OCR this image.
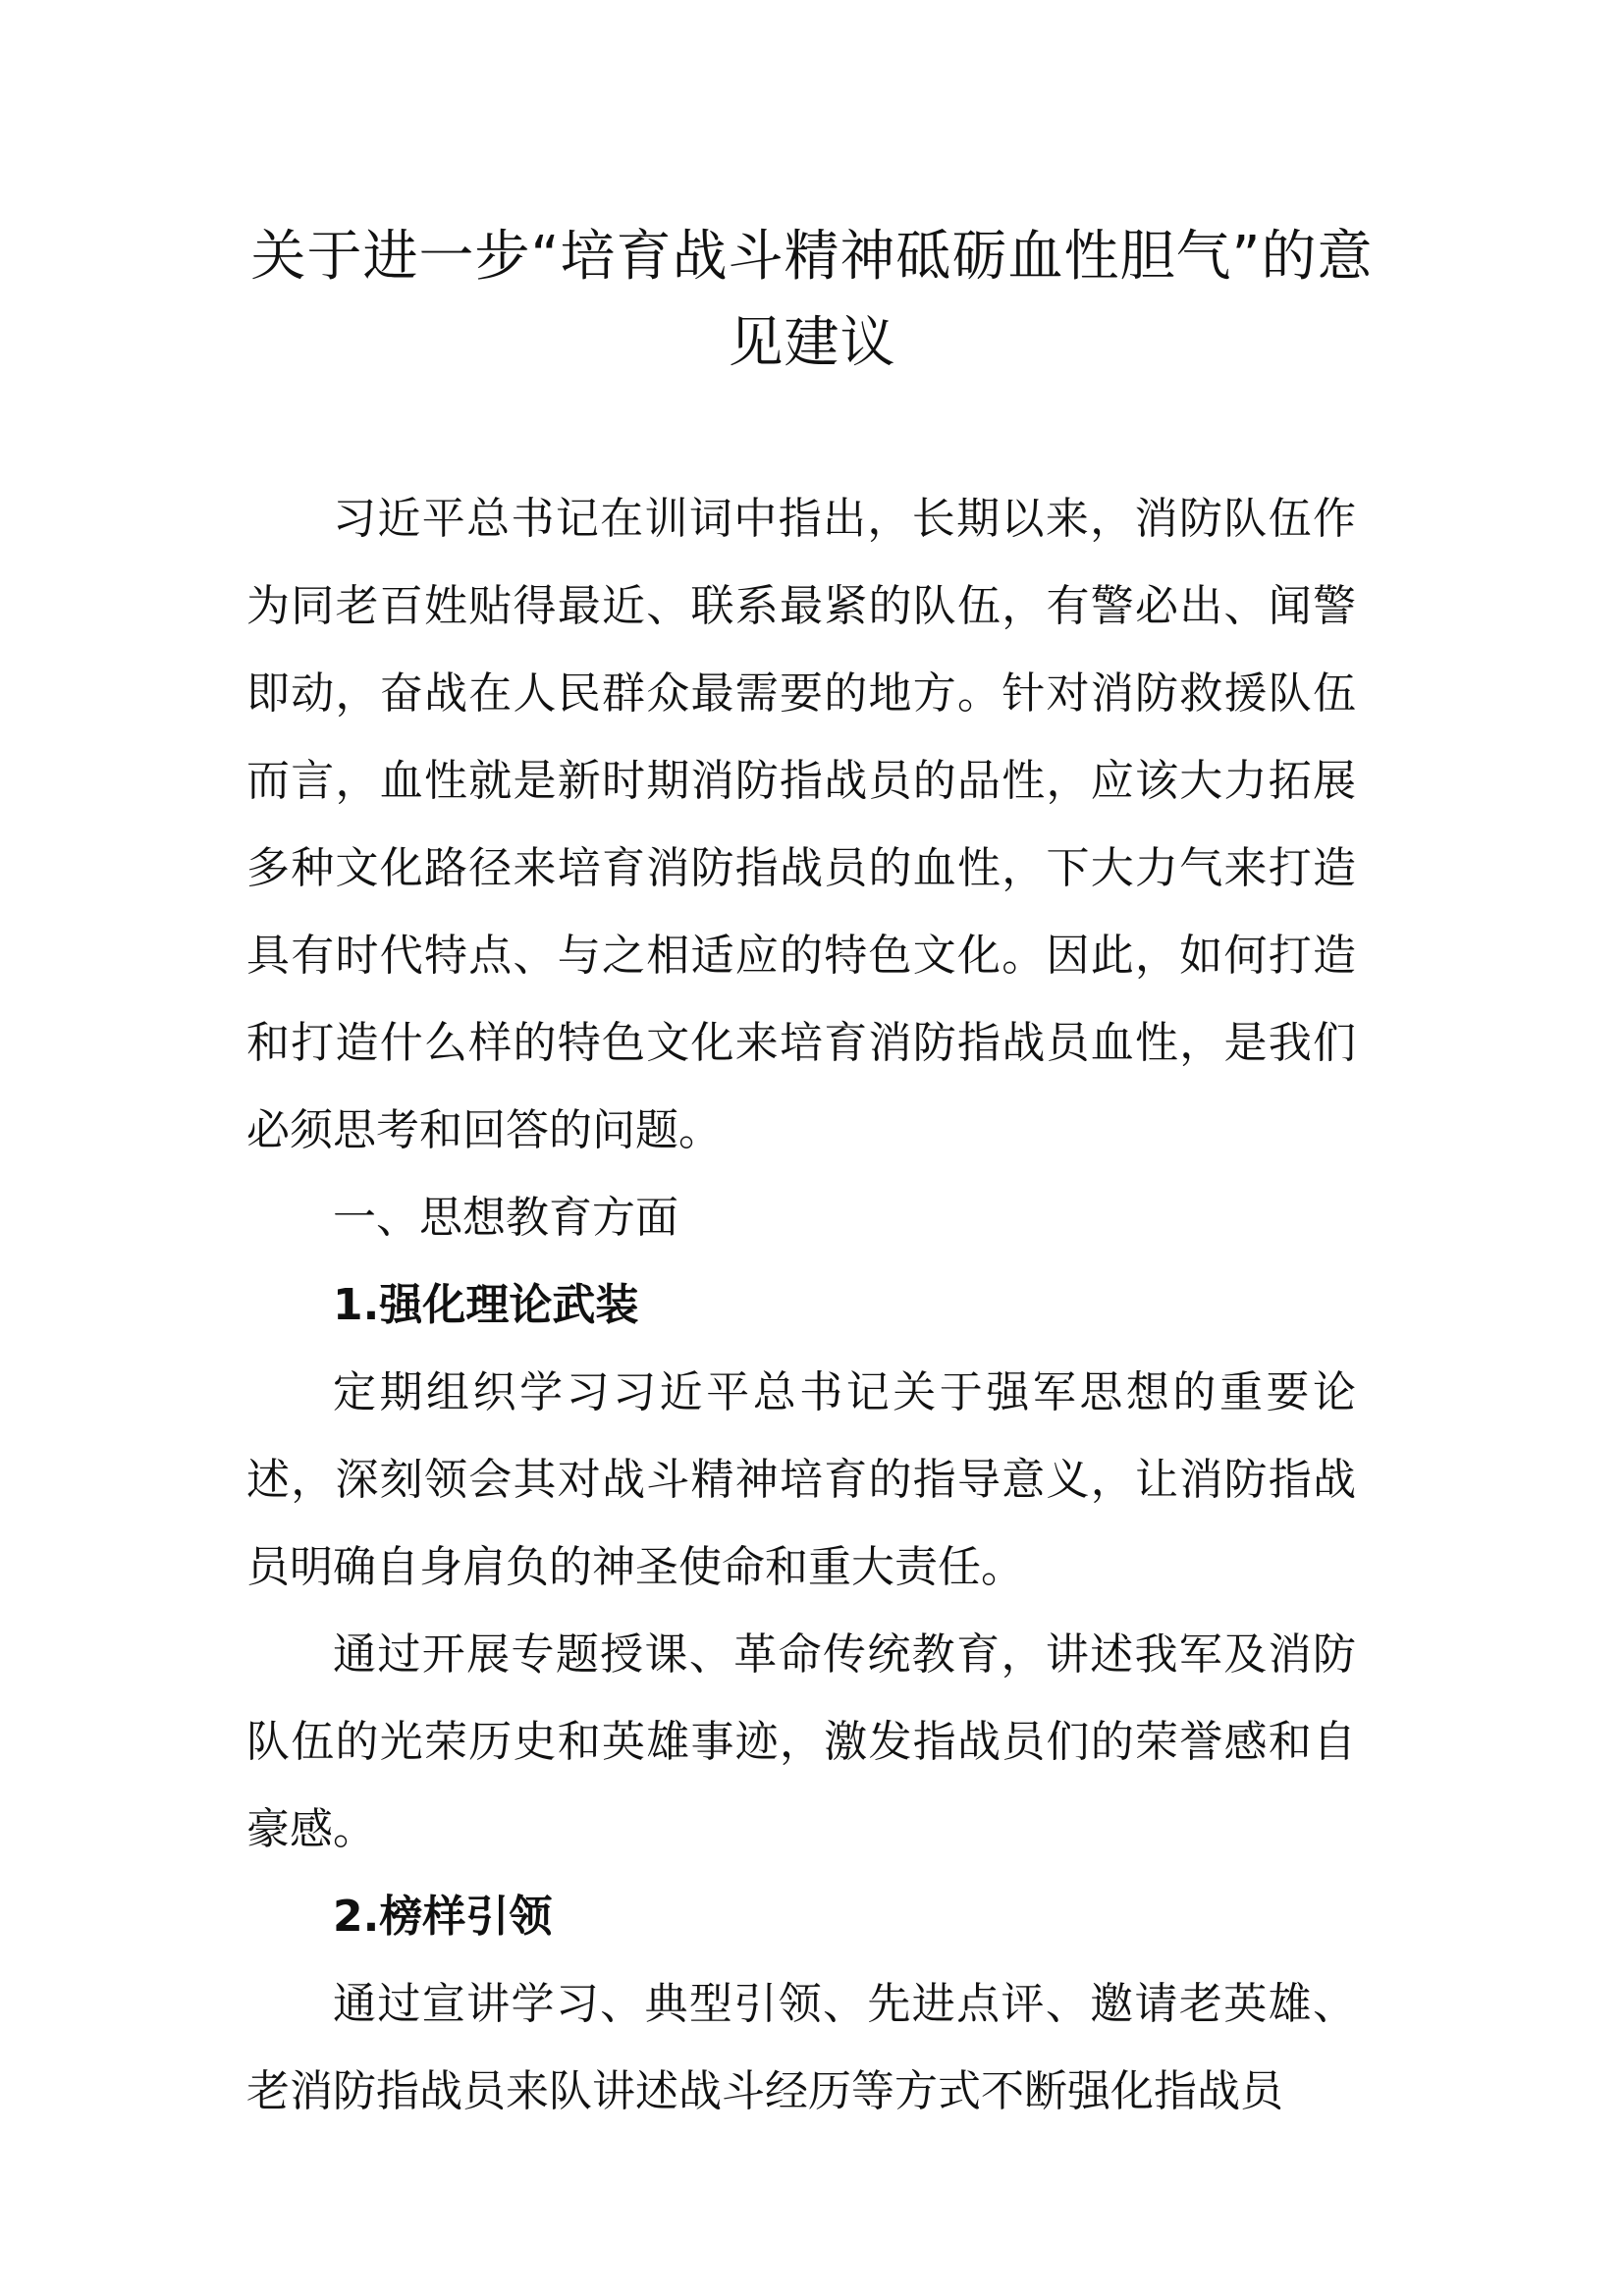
关于进一步“培育战斗精神砥砺血性胆气”的意见建议

习近平总书记在训词中指出，长期以来，消防队伍作为同老百姓贴得最近、联系最紧的队伍，有警必出、闻警即动，奋战在人民群众最需要的地方。针对消防救援队伍而言，血性就是新时期消防指战员的品性，应该大力拓展多种文化路径来培育消防指战员的血性，下大力气来打造具有时代特点、与之相适应的特色文化。因此，如何打造和打造什么样的特色文化来培育消防指战员血性，是我们必须思考和回答的问题。

一、思想教育方面

1.强化理论武装

定期组织学习习近平总书记关于强军思想的重要论述，深刻领会其对战斗精神培育的指导意义，让消防指战员明确自身肩负的神圣使命和重大责任。

通过开展专题授课、革命传统教育，讲述我军及消防队伍的光荣历史和英雄事迹，激发指战员们的荣誉感和自豪感。

2.榜样引领

通过宣讲学习、典型引领、先进点评、邀请老英雄、老消防指战员来队讲述战斗经历等方式不断强化指战员
